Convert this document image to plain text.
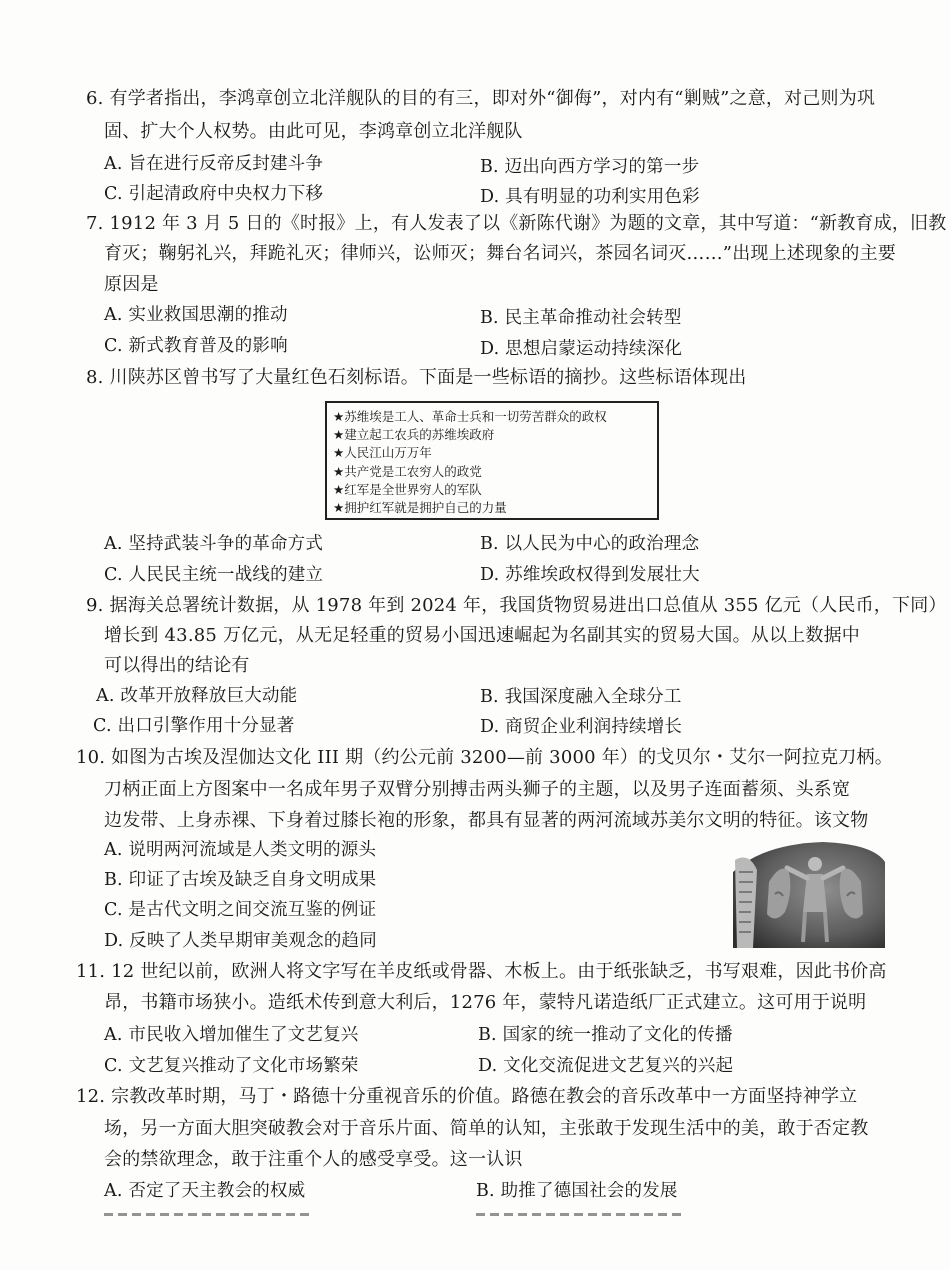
6. 有学者指出，李鸿章创立北洋舰队的目的有三，即对外“御侮”，对内有“剿贼”之意，对己则为巩
固、扩大个人权势。由此可见，李鸿章创立北洋舰队
A. 旨在进行反帝反封建斗争	B. 迈出向西方学习的第一步
C. 引起清政府中央权力下移	D. 具有明显的功利实用色彩
7. 1912 年 3 月 5 日的《时报》上，有人发表了以《新陈代谢》为题的文章，其中写道：“新教育成，旧教
育灭；鞠躬礼兴，拜跪礼灭；律师兴，讼师灭；舞台名词兴，茶园名词灭……”出现上述现象的主要
原因是
A. 实业救国思潮的推动	B. 民主革命推动社会转型
C. 新式教育普及的影响	D. 思想启蒙运动持续深化
8. 川陕苏区曾书写了大量红色石刻标语。下面是一些标语的摘抄。这些标语体现出
★苏维埃是工人、革命士兵和一切劳苦群众的政权
★建立起工农兵的苏维埃政府
★人民江山万万年
★共产党是工农穷人的政党
★红军是全世界穷人的军队
★拥护红军就是拥护自己的力量
A. 坚持武装斗争的革命方式	B. 以人民为中心的政治理念
C. 人民民主统一战线的建立	D. 苏维埃政权得到发展壮大
9. 据海关总署统计数据，从 1978 年到 2024 年，我国货物贸易进出口总值从 355 亿元（人民币，下同）
增长到 43.85 万亿元，从无足轻重的贸易小国迅速崛起为名副其实的贸易大国。从以上数据中
可以得出的结论有
A. 改革开放释放巨大动能	B. 我国深度融入全球分工
C. 出口引擎作用十分显著	D. 商贸企业利润持续增长
10. 如图为古埃及涅伽达文化 III 期（约公元前 3200—前 3000 年）的戈贝尔・艾尔一阿拉克刀柄。
刀柄正面上方图案中一名成年男子双臂分别搏击两头狮子的主题，以及男子连面蓄须、头系宽
边发带、上身赤裸、下身着过膝长袍的形象，都具有显著的两河流域苏美尔文明的特征。该文物
A. 说明两河流域是人类文明的源头
B. 印证了古埃及缺乏自身文明成果
C. 是古代文明之间交流互鉴的例证
D. 反映了人类早期审美观念的趋同
11. 12 世纪以前，欧洲人将文字写在羊皮纸或骨器、木板上。由于纸张缺乏，书写艰难，因此书价高
昂，书籍市场狭小。造纸术传到意大利后，1276 年，蒙特凡诺造纸厂正式建立。这可用于说明
A. 市民收入增加催生了文艺复兴	B. 国家的统一推动了文化的传播
C. 文艺复兴推动了文化市场繁荣	D. 文化交流促进文艺复兴的兴起
12. 宗教改革时期，马丁・路德十分重视音乐的价值。路德在教会的音乐改革中一方面坚持神学立
场，另一方面大胆突破教会对于音乐片面、简单的认知，主张敢于发现生活中的美，敢于否定教
会的禁欲理念，敢于注重个人的感受享受。这一认识
A. 否定了天主教会的权威	B. 助推了德国社会的发展
